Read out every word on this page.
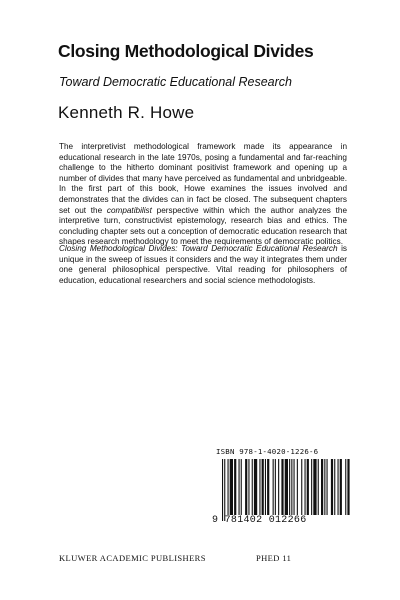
Closing Methodological Divides
Toward Democratic Educational Research
Kenneth R. Howe

The interpretivist methodological framework made its appearance in educational research in the late 1970s, posing a fundamental and far-reaching challenge to the hitherto dominant positivist framework and opening up a number of divides that many have perceived as fundamental and unbridgeable. In the first part of this book, Howe examines the issues involved and demonstrates that the divides can in fact be closed. The subsequent chapters set out the compatibilist perspective within which the author analyzes the interpretive turn, constructivist epistemology, research bias and ethics. The concluding chapter sets out a conception of democratic education research that shapes research methodology to meet the requirements of democratic politics.

Closing Methodological Divides: Toward Democratic Educational Research is unique in the sweep of issues it considers and the way it integrates them under one general philosophical perspective. Vital reading for philosophers of education, educational researchers and social science methodologists.

ISBN 978-1-4020-1226-6
9 781402 012266
KLUWER ACADEMIC PUBLISHERS	PHED 11
